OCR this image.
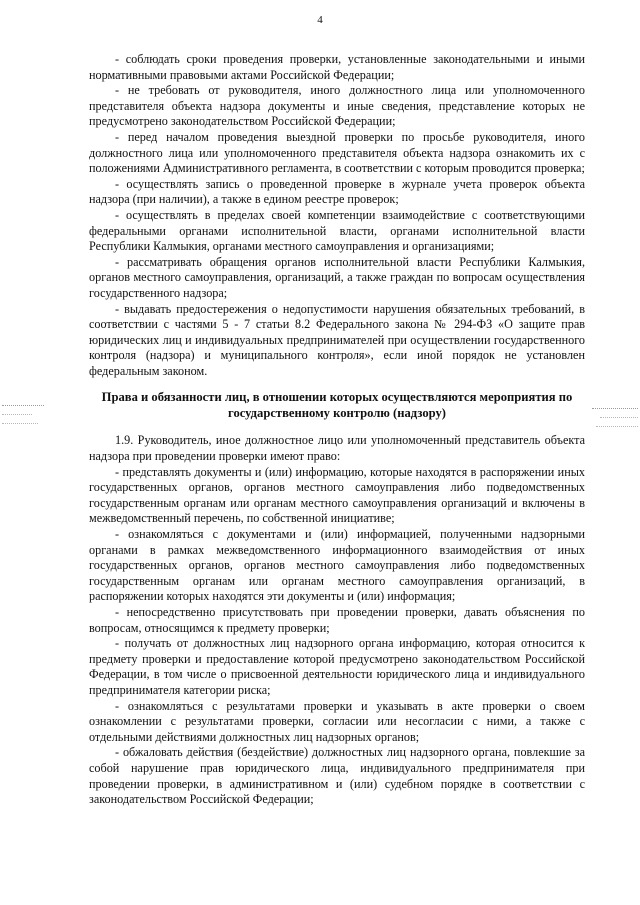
4

- соблюдать сроки проведения проверки, установленные законодательными и иными нормативными правовыми актами Российской Федерации;

- не требовать от руководителя, иного должностного лица или уполномоченного представителя объекта надзора документы и иные сведения, представление которых не предусмотрено законодательством Российской Федерации;

- перед началом проведения выездной проверки по просьбе руководителя, иного должностного лица или уполномоченного представителя объекта надзора ознакомить их с положениями Административного регламента, в соответствии с которым проводится проверка;

- осуществлять запись о проведенной проверке в журнале учета проверок объекта надзора (при наличии), а также в едином реестре проверок;

- осуществлять в пределах своей компетенции взаимодействие с соответствующими федеральными органами исполнительной власти, органами исполнительной власти Республики Калмыкия, органами местного самоуправления и организациями;

- рассматривать обращения органов исполнительной власти Республики Калмыкия, органов местного самоуправления, организаций, а также граждан по вопросам осуществления государственного надзора;

- выдавать предостережения о недопустимости нарушения обязательных требований, в соответствии с частями 5 - 7 статьи 8.2 Федерального закона № 294-ФЗ «О защите прав юридических лиц и индивидуальных предпринимателей при осуществлении государственного контроля (надзора) и муниципального контроля», если иной порядок не установлен федеральным законом.

Права и обязанности лиц, в отношении которых осуществляются мероприятия по государственному контролю (надзору)

1.9. Руководитель, иное должностное лицо или уполномоченный представитель объекта надзора при проведении проверки имеют право:

- представлять документы и (или) информацию, которые находятся в распоряжении иных государственных органов, органов местного самоуправления либо подведомственных государственным органам или органам местного самоуправления организаций и включены в межведомственный перечень, по собственной инициативе;

- ознакомляться с документами и (или) информацией, полученными надзорными органами в рамках межведомственного информационного взаимодействия от иных государственных органов, органов местного самоуправления либо подведомственных государственным органам или органам местного самоуправления организаций, в распоряжении которых находятся эти документы и (или) информация;

- непосредственно присутствовать при проведении проверки, давать объяснения по вопросам, относящимся к предмету проверки;

- получать от должностных лиц надзорного органа информацию, которая относится к предмету проверки и предоставление которой предусмотрено законодательством Российской Федерации, в том числе о присвоенной деятельности юридического лица и индивидуального предпринимателя категории риска;

- ознакомляться с результатами проверки и указывать в акте проверки о своем ознакомлении с результатами проверки, согласии или несогласии с ними, а также с отдельными действиями должностных лиц надзорных органов;

- обжаловать действия (бездействие) должностных лиц надзорного органа, повлекшие за собой нарушение прав юридического лица, индивидуального предпринимателя при проведении проверки, в административном и (или) судебном порядке в соответствии с законодательством Российской Федерации;
